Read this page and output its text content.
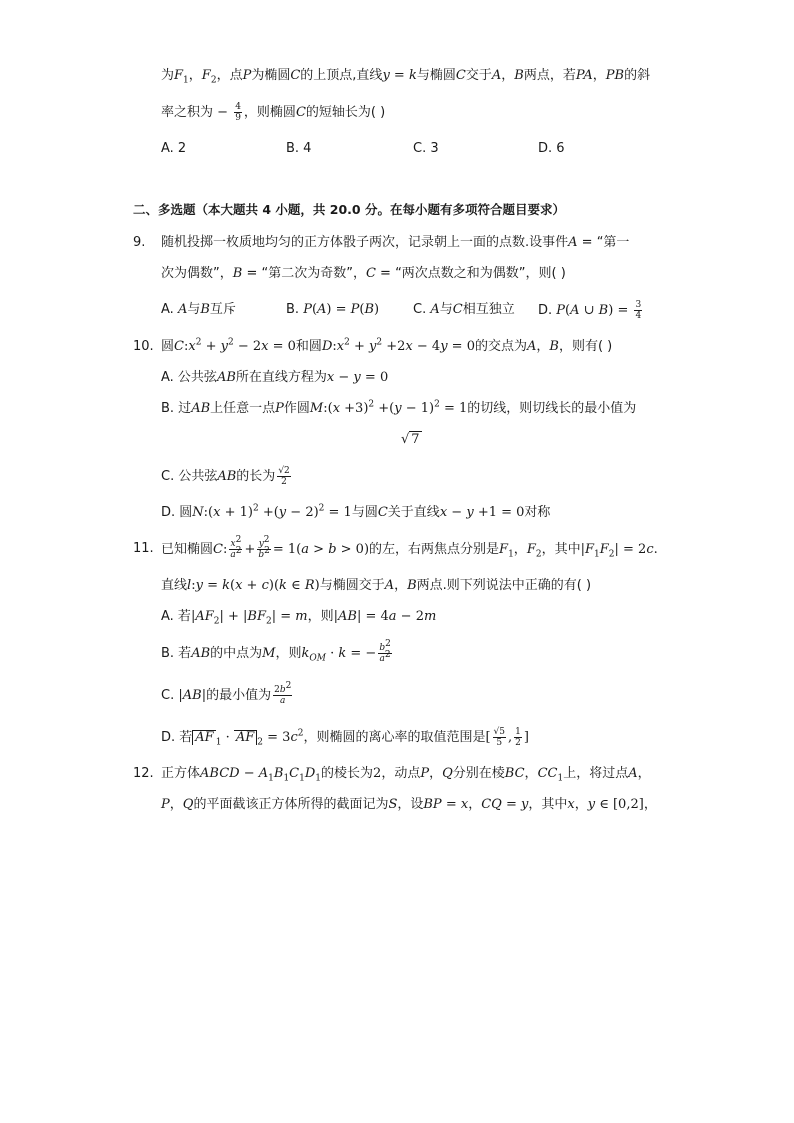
为$F_1$，$F_2$，点P为椭圆C的上顶点,直线y = k与椭圆C交于A，B两点，若PA，PB的斜
率之积为 − $\frac{4}{9}$ ，则椭圆C的短轴长为( )
A. 2	B. 4	C. 3	D. 6
二、多选题（本大题共 4 小题，共 20.0 分。在每小题有多项符合题目要求）
9. 随机投掷一枚质地均匀的正方体骰子两次，记录朝上一面的点数.设事件A = “第一
次为偶数”，B = “第二次为奇数”，C = “两次点数之和为偶数”，则( )
A. A与B互斥	B. P(A) = P(B)	C. A与C相互独立 D. P(A ∪ $B) = \frac{3}{4}$
10. 圆$C:x^2 + y^2 - 2x = 0$和圆$D:x^2 + y^2 +2x - 4y = 0$的交点为A，B，则有( )
A. 公共弦AB所在直线方程为x − y = 0
B. 过AB上任意一点P作圆M:(x $+3)^2 +(y - 1)^2 = 1$的切线，则切线长的最小值为
√ 7
C. 公共弦AB的长为 $\frac{√2}{2}$
D. 圆N:(x + $1)^2 +(y - 2)^2 = 1$与圆C关于直线x − y +1 = 0对称
11. 已知椭圆C: $\frac{x^2}{a^2} + \frac{y^2}{b^2} = 1(a > b > 0)$的左，右两焦点分别是$F_1$，$F_2$，其中$|F_1F_2| = 2c$.
直线l:y = k(x + c)(k ∈ R)与椭圆交于A，B两点.则下列说法中正确的有( )
A. 若$|AF_2| + |BF_2| = m$，则|AB| = 4a − 2m
B. 若AB的中点为M，则$k_{OM} \cdot k$ = − $\frac{b^2}{a^2}$
C. |AB|的最小值为 $\frac{2b^2}{a}$
D. 若 AF $_1$ · AF $_2 = 3c^2$，则椭圆的离心率的取值范围是[ $\frac{√5}{5}$ , $\frac{1}{2}$ ]
12. 正方体ABCD − $A_1B_1C_1D_1$的棱长为2，动点P，Q分别在棱BC，$CC_1$上，将过点A，
P，Q的平面截该正方体所得的截面记为S，设BP = x，CQ = y，其中x，y ∈ [0,2]，
